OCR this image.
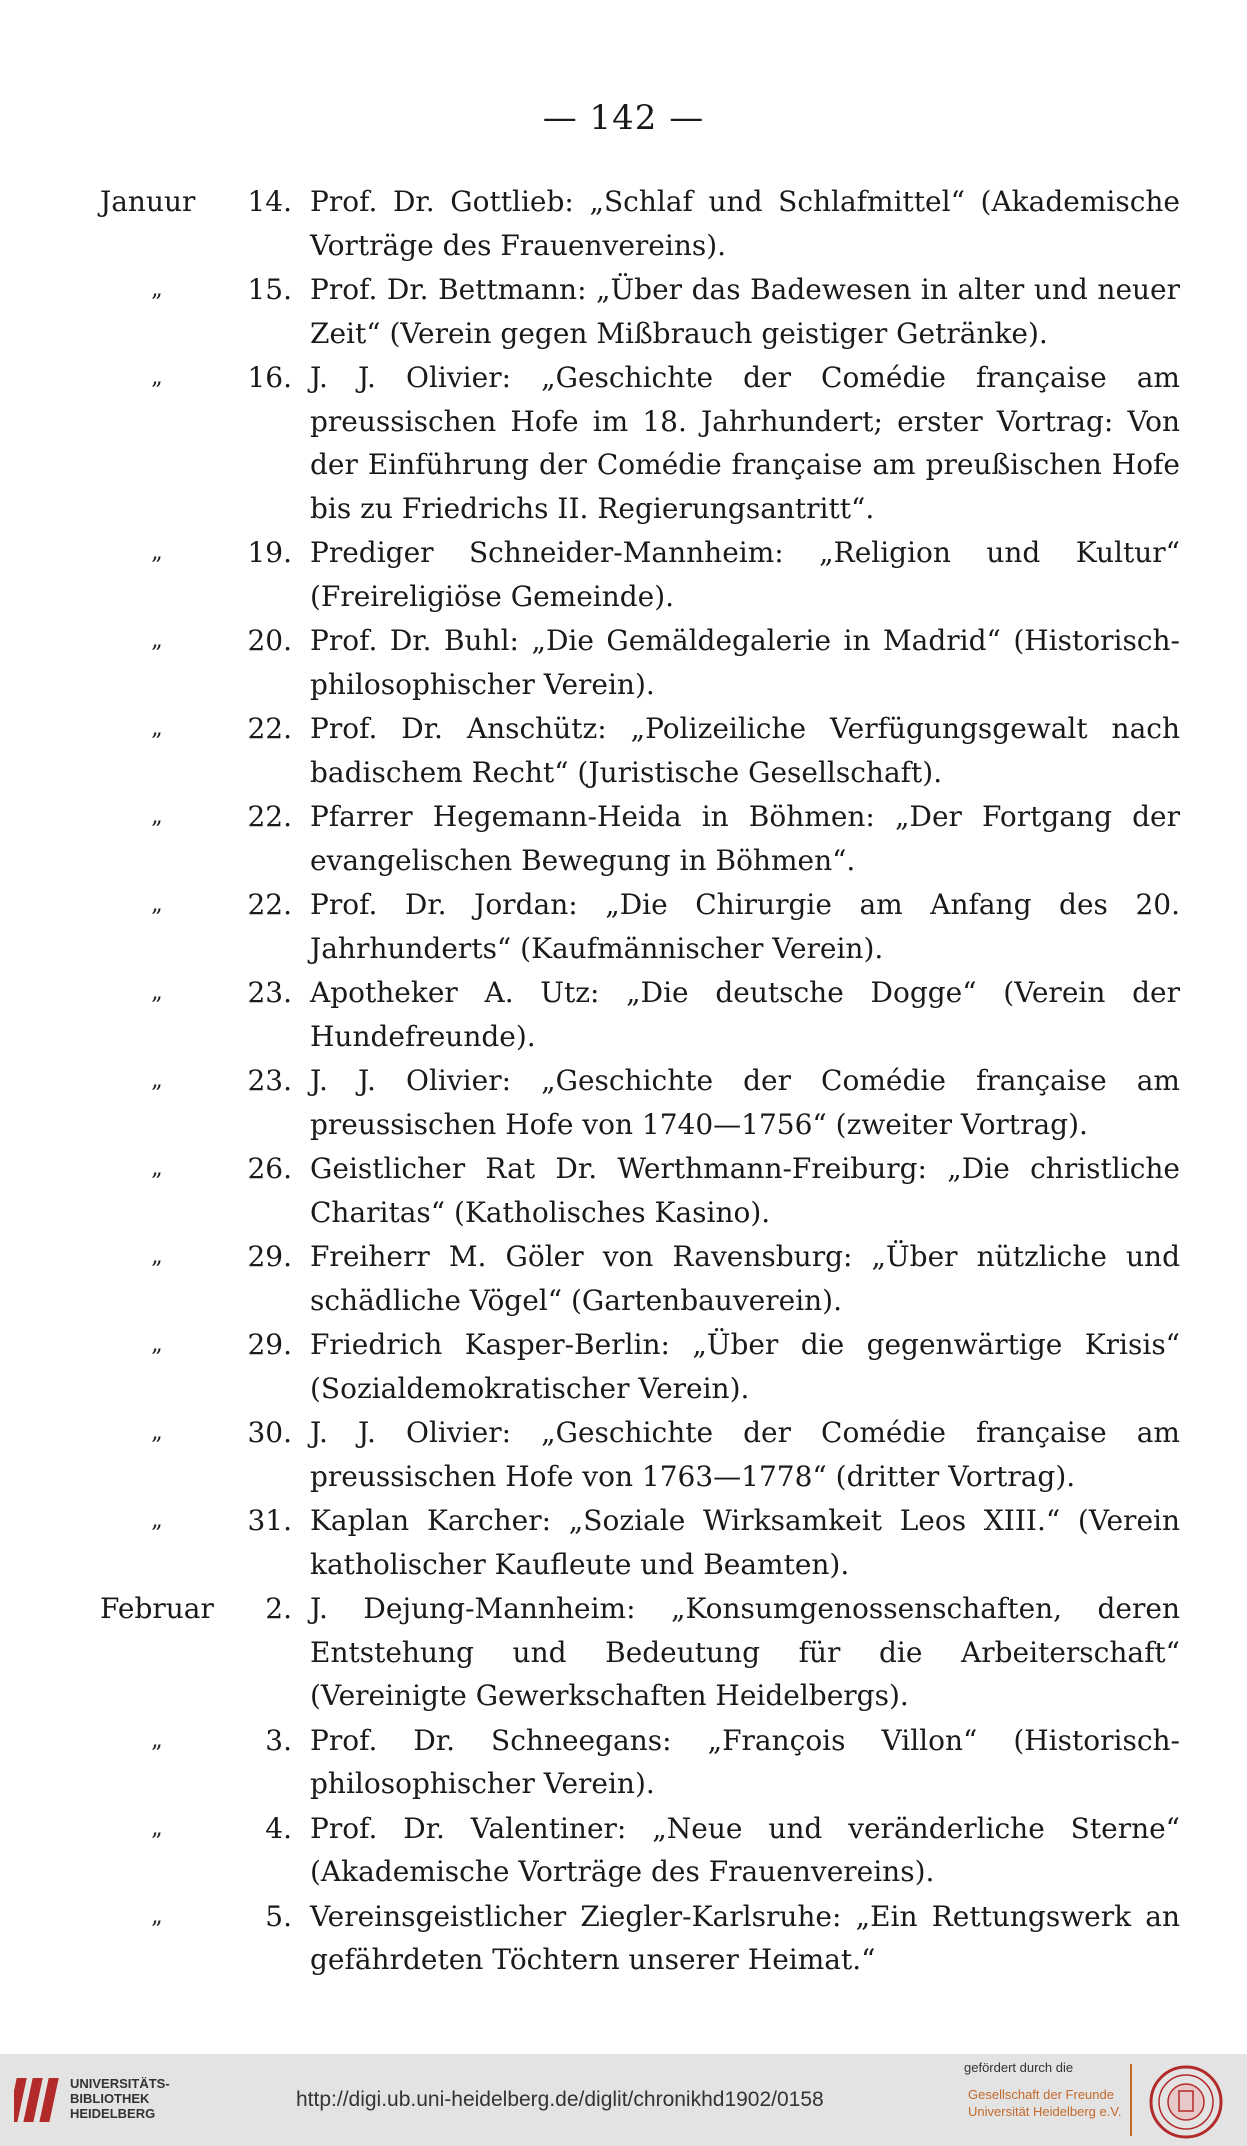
— 142 —
Januur	14. Prof. Dr. Gottlieb: „Schlaf und Schlafmittel“ (Akademische Vorträge des Frauenvereins).
„	15. Prof. Dr. Bettmann: „Über das Badewesen in alter und neuer Zeit“ (Verein gegen Mißbrauch geistiger Getränke).
„	16. J. J. Olivier: „Geschichte der Comédie française am preussischen Hofe im 18. Jahrhundert; erster Vortrag: Von der Einführung der Comédie française am preußischen Hofe bis zu Friedrichs II. Regierungsantritt“.
„	19. Prediger Schneider-Mannheim: „Religion und Kultur“ (Freireligiöse Gemeinde).
„	20. Prof. Dr. Buhl: „Die Gemäldegalerie in Madrid“ (Historisch-philosophischer Verein).
„	22. Prof. Dr. Anschütz: „Polizeiliche Verfügungsgewalt nach badischem Recht“ (Juristische Gesellschaft).
„	22. Pfarrer Hegemann-Heida in Böhmen: „Der Fortgang der evangelischen Bewegung in Böhmen“.
„	22. Prof. Dr. Jordan: „Die Chirurgie am Anfang des 20. Jahrhunderts“ (Kaufmännischer Verein).
„	23. Apotheker A. Utz: „Die deutsche Dogge“ (Verein der Hundefreunde).
„	23. J. J. Olivier: „Geschichte der Comédie française am preussischen Hofe von 1740—1756“ (zweiter Vortrag).
„	26. Geistlicher Rat Dr. Werthmann-Freiburg: „Die christliche Charitas“ (Katholisches Kasino).
„	29. Freiherr M. Göler von Ravensburg: „Über nützliche und schädliche Vögel“ (Gartenbauverein).
„	29. Friedrich Kasper-Berlin: „Über die gegenwärtige Krisis“ (Sozialdemokratischer Verein).
„	30. J. J. Olivier: „Geschichte der Comédie française am preussischen Hofe von 1763—1778“ (dritter Vortrag).
„	31. Kaplan Karcher: „Soziale Wirksamkeit Leos XIII.“ (Verein katholischer Kaufleute und Beamten).
Februar	2. J. Dejung-Mannheim: „Konsumgenossenschaften, deren Entstehung und Bedeutung für die Arbeiterschaft“ (Vereinigte Gewerkschaften Heidelbergs).
„	3. Prof. Dr. Schneegans: „François Villon“ (Historisch-philosophischer Verein).
„	4. Prof. Dr. Valentiner: „Neue und veränderliche Sterne“ (Akademische Vorträge des Frauenvereins).
„	5. Vereinsgeistlicher Ziegler-Karlsruhe: „Ein Rettungswerk an gefährdeten Töchtern unserer Heimat.“
UNIVERSITÄTS-
BIBLIOTHEK
HEIDELBERG
http://digi.ub.uni-heidelberg.de/diglit/chronikhd1902/0158
gefördert durch die
Gesellschaft der Freunde
Universität Heidelberg e.V.
